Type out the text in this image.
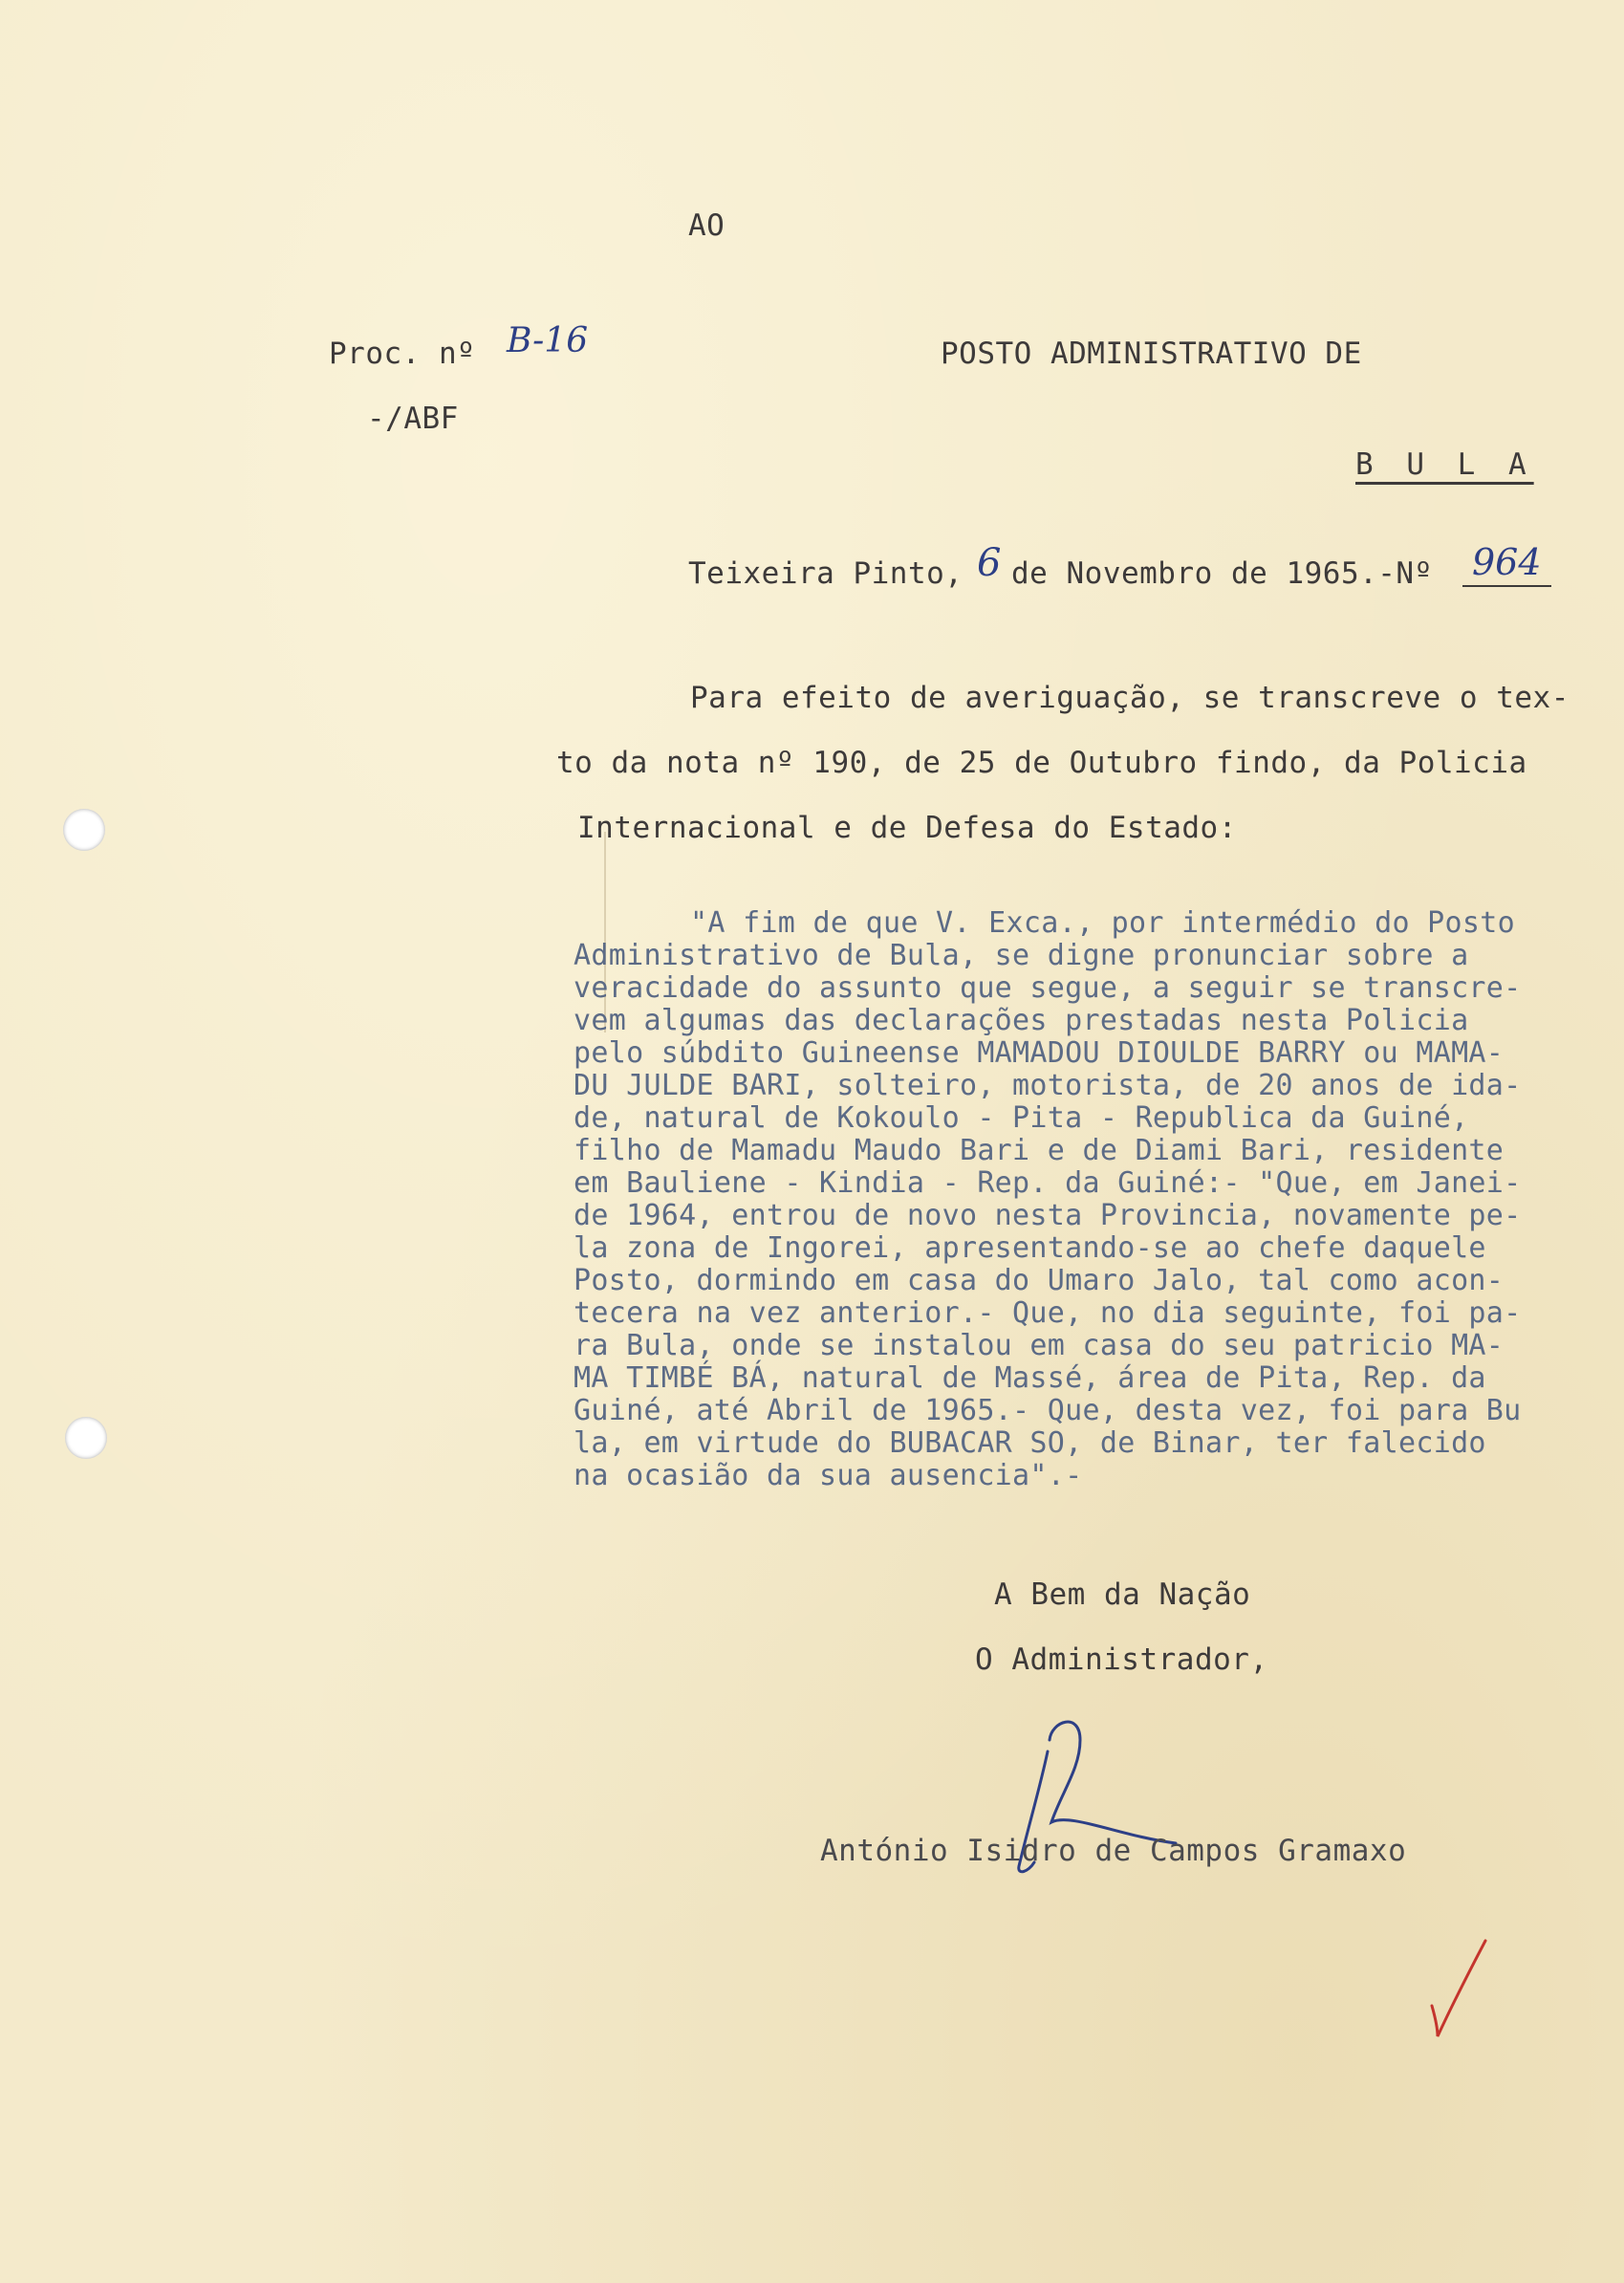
AO
Proc. nº B-16
-/ABF
POSTO ADMINISTRATIVO DE
B U L A
Teixeira Pinto, 6 de Novembro de 1965.-Nº 964
Para efeito de averiguação, se transcreve o tex-
to da nota nº 190, de 25 de Outubro findo, da Policia
Internacional e de Defesa do Estado:
"A fim de que V. Exca., por intermédio do Posto
Administrativo de Bula, se digne pronunciar sobre a
veracidade do assunto que segue, a seguir se transcre-
vem algumas das declarações prestadas nesta Policia
pelo súbdito Guineense MAMADOU DIOULDE BARRY ou MAMA-
DU JULDE BARI, solteiro, motorista, de 20 anos de ida-
de, natural de Kokoulo - Pita - Republica da Guiné,
filho de Mamadu Maudo Bari e de Diami Bari, residente
em Bauliene - Kindia - Rep. da Guiné:- "Que, em Janei-
de 1964, entrou de novo nesta Provincia, novamente pe-
la zona de Ingorei, apresentando-se ao chefe daquele
Posto, dormindo em casa do Umaro Jalo, tal como acon-
tecera na vez anterior.- Que, no dia seguinte, foi pa-
ra Bula, onde se instalou em casa do seu patricio MA-
MA TIMBÉ BÁ, natural de Massé, área de Pita, Rep. da
Guiné, até Abril de 1965.- Que, desta vez, foi para Bu
la, em virtude do BUBACAR SO, de Binar, ter falecido
na ocasião da sua ausencia".-
A Bem da Nação
O Administrador,
António Isidro de Campos Gramaxo
